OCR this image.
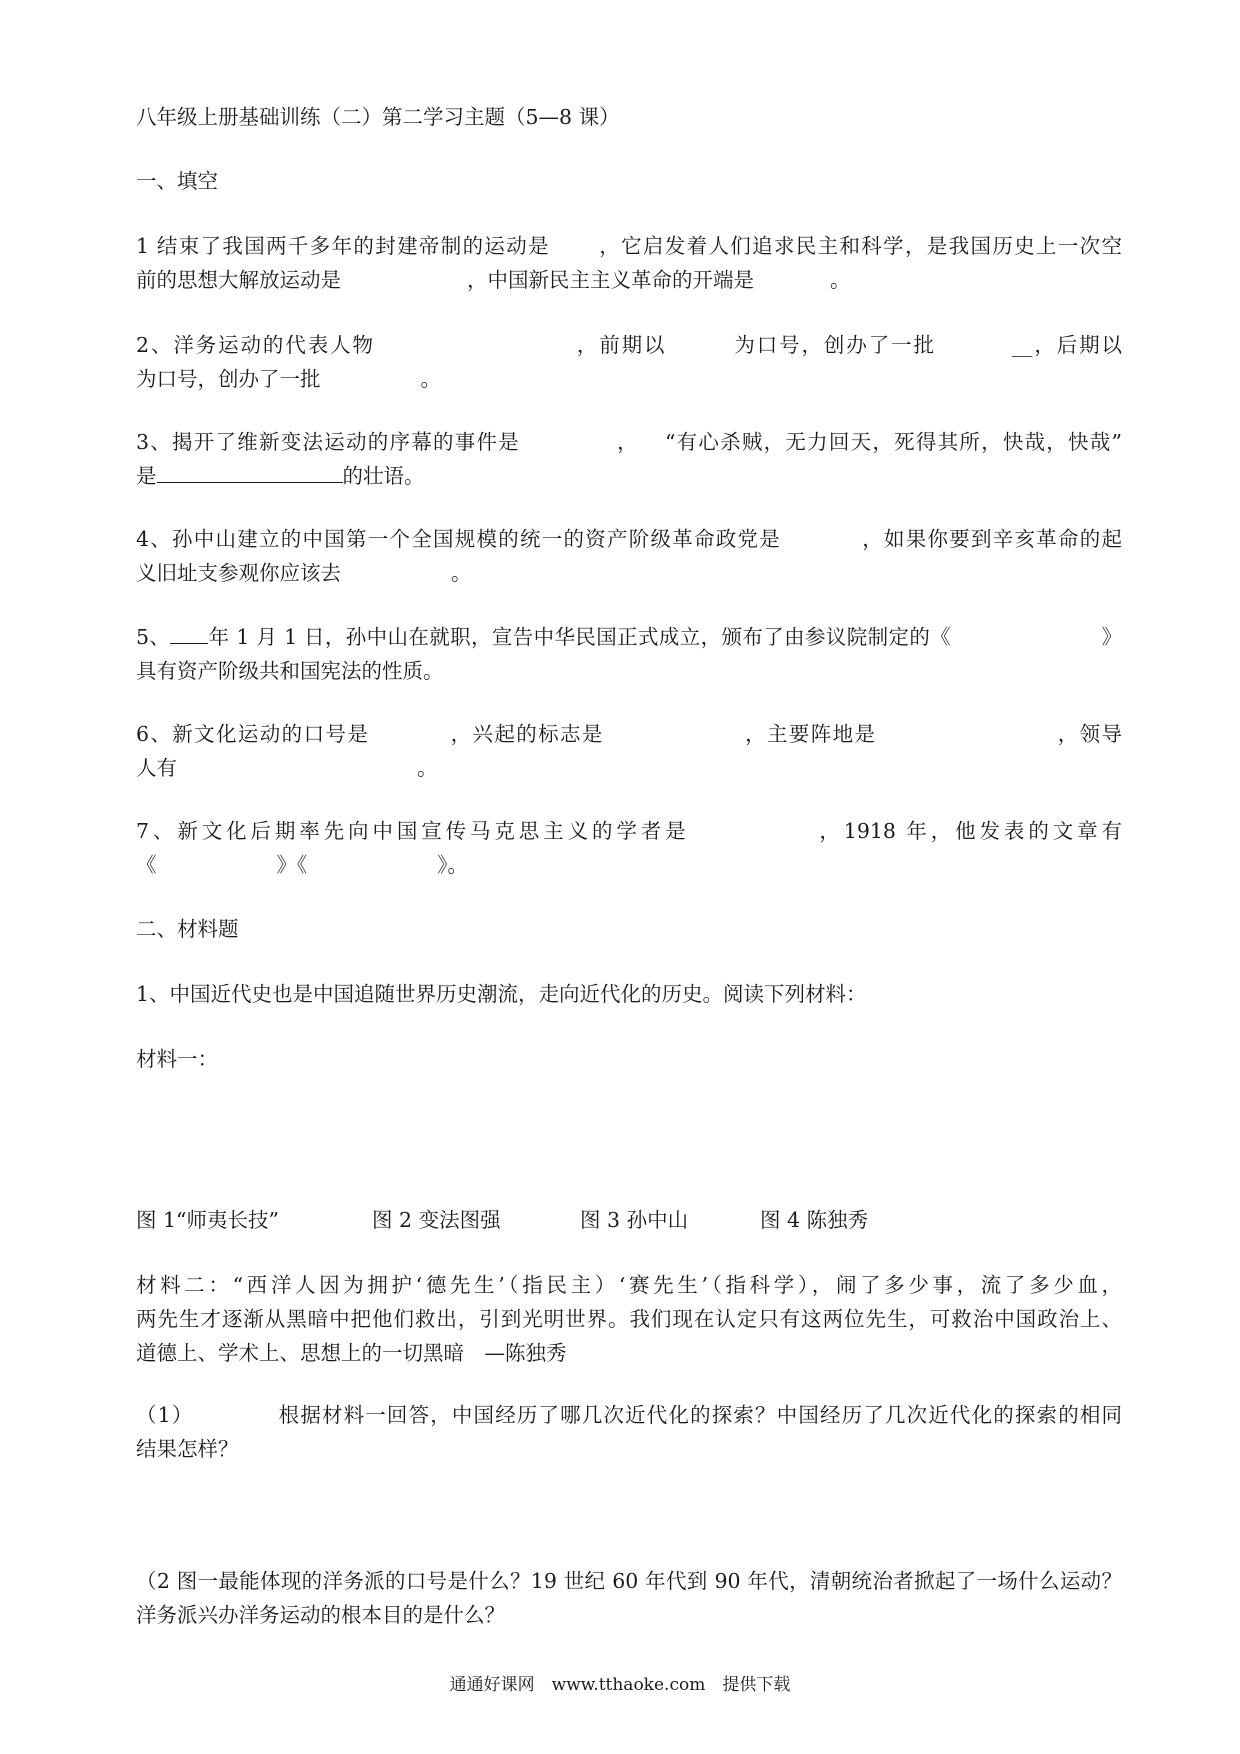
八年级上册基础训练（二）第二学习主题（5—8 课）
一、填空
1 结束了我国两千多年的封建帝制的运动是 ，它启发着人们追求民主和科学，是我国历史上一次空
前的思想大解放运动是	，中国新民主主义革命的开端是	。
2、洋务运动的代表人物	，前期以	为口号，创办了一批	__，后期以
为口号，创办了一批	。
3、揭开了维新变法运动的序幕的事件是	， “有心杀贼，无力回天，死得其所，快哉，快哉”
是	的壮语。
4、孙中山建立的中国第一个全国规模的统一的资产阶级革命政党是	，如果你要到辛亥革命的起
义旧址支参观你应该去	。
5、 年 1 月 1 日，孙中山在就职，宣告中华民国正式成立，颁布了由参议院制定的《	》
具有资产阶级共和国宪法的性质。
6、新文化运动的口号是	，兴起的标志是	，主要阵地是	，领导
人有	。
7、新文化后期率先向中国宣传马克思主义的学者是	，1918 年，他发表的文章有
《	》《	》。
二、材料题
1、中国近代史也是中国追随世界历史潮流，走向近代化的历史。阅读下列材料：
材料一：
图 1“师夷长技”	图 2 变法图强	图 3 孙中山	图 4 陈独秀
材料二：“西洋人因为拥护‘德先生’（指民主）‘赛先生’（指科学），闹了多少事，流了多少血，
两先生才逐渐从黑暗中把他们救出，引到光明世界。我们现在认定只有这两位先生，可救治中国政治上、
道德上、学术上、思想上的一切黑暗　—陈独秀
（1）	根据材料一回答，中国经历了哪几次近代化的探索？中国经历了几次近代化的探索的相同
结果怎样？
（2 图一最能体现的洋务派的口号是什么？19 世纪 60 年代到 90 年代，清朝统治者掀起了一场什么运动？
洋务派兴办洋务运动的根本目的是什么？
通通好课网　www.tthaoke.com　提供下载
